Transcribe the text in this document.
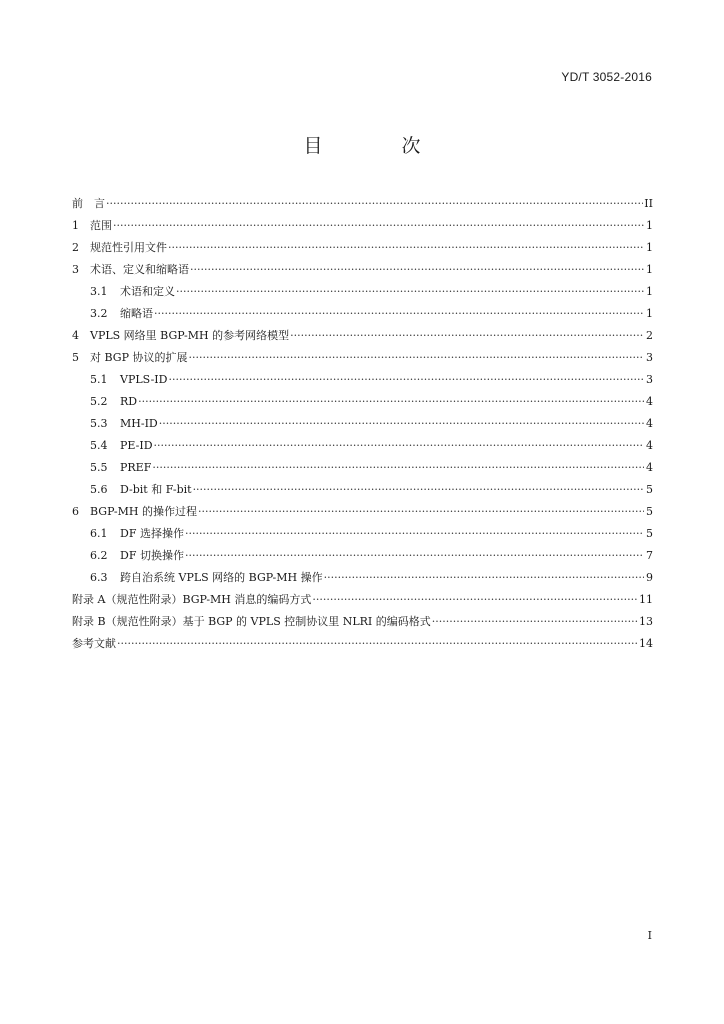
YD/T 3052-2016
目　次
前　言 ·····	II
1	范围 ·····	1
2	规范性引用文件 ·····	1
3	术语、定义和缩略语 ·····	1
3.1	术语和定义 ·····	1
3.2	缩略语 ·····	1
4	VPLS 网络里 BGP-MH 的参考网络模型 ·····	2
5	对 BGP 协议的扩展 ·····	3
5.1	VPLS-ID ·····	3
5.2	RD ·····	4
5.3	MH-ID ·····	4
5.4	PE-ID ·····	4
5.5	PREF ·····	4
5.6	D-bit 和 F-bit ·····	5
6	BGP-MH 的操作过程 ·····	5
6.1	DF 选择操作 ·····	5
6.2	DF 切换操作 ·····	7
6.3	跨自治系统 VPLS 网络的 BGP-MH 操作 ·····	9
附录 A（规范性附录）BGP-MH 消息的编码方式 ·····	11
附录 B（规范性附录）基于 BGP 的 VPLS 控制协议里 NLRI 的编码格式 ·····	13
参考文献 ·····	14
I
